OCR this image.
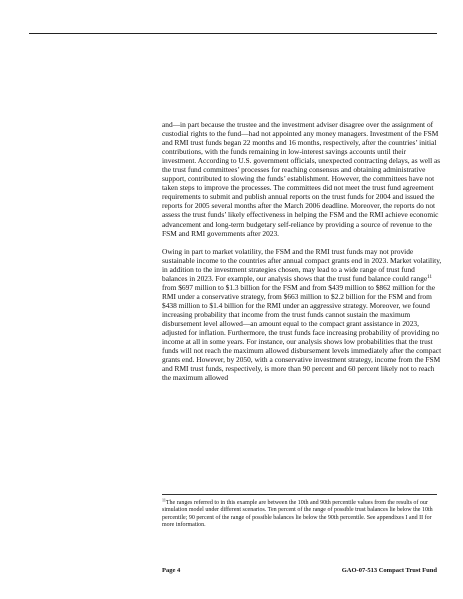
and—in part because the trustee and the investment adviser disagree over the assignment of custodial rights to the fund—had not appointed any money managers. Investment of the FSM and RMI trust funds began 22 months and 16 months, respectively, after the countries’ initial contributions, with the funds remaining in low-interest savings accounts until their investment. According to U.S. government officials, unexpected contracting delays, as well as the trust fund committees’ processes for reaching consensus and obtaining administrative support, contributed to slowing the funds’ establishment. However, the committees have not taken steps to improve the processes. The committees did not meet the trust fund agreement requirements to submit and publish annual reports on the trust funds for 2004 and issued the reports for 2005 several months after the March 2006 deadline. Moreover, the reports do not assess the trust funds’ likely effectiveness in helping the FSM and the RMI achieve economic advancement and long-term budgetary self-reliance by providing a source of revenue to the FSM and RMI governments after 2023.

Owing in part to market volatility, the FSM and the RMI trust funds may not provide sustainable income to the countries after annual compact grants end in 2023. Market volatility, in addition to the investment strategies chosen, may lead to a wide range of trust fund balances in 2023. For example, our analysis shows that the trust fund balance could range$^{11}$ from $697 million to $1.3 billion for the FSM and from $439 million to $862 million for the RMI under a conservative strategy, from $663 million to $2.2 billion for the FSM and from $438 million to $1.4 billion for the RMI under an aggressive strategy. Moreover, we found increasing probability that income from the trust funds cannot sustain the maximum disbursement level allowed—an amount equal to the compact grant assistance in 2023, adjusted for inflation. Furthermore, the trust funds face increasing probability of providing no income at all in some years. For instance, our analysis shows low probabilities that the trust funds will not reach the maximum allowed disbursement levels immediately after the compact grants end. However, by 2050, with a conservative investment strategy, income from the FSM and RMI trust funds, respectively, is more than 90 percent and 60 percent likely not to reach the maximum allowed

$^{11}$The ranges referred to in this example are between the 10th and 90th percentile values from the results of our simulation model under different scenarios. Ten percent of the range of possible trust balances lie below the 10th percentile; 90 percent of the range of possible balances lie below the 90th percentile. See appendixes I and II for more information.

Page 4	GAO-07-513 Compact Trust Fund
